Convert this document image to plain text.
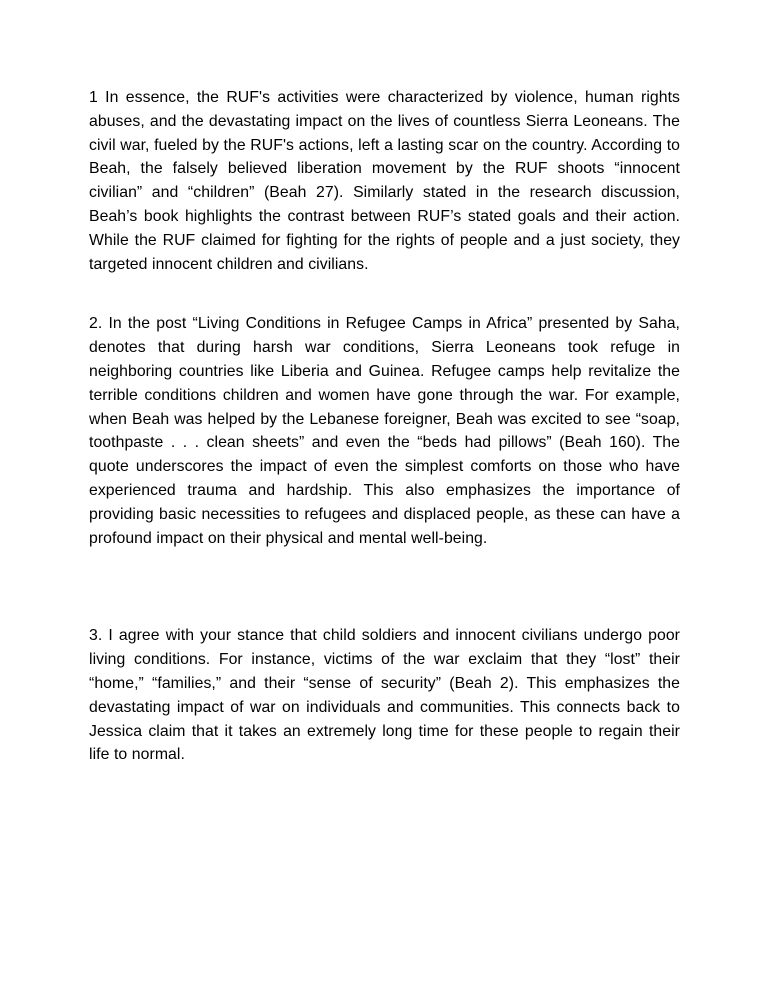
1 In essence, the RUF's activities were characterized by violence, human rights abuses, and the devastating impact on the lives of countless Sierra Leoneans. The civil war, fueled by the RUF's actions, left a lasting scar on the country. According to Beah, the falsely believed liberation movement by the RUF shoots “innocent civilian” and “children” (Beah 27). Similarly stated in the research discussion, Beah’s book highlights the contrast between RUF’s stated goals and their action. While the RUF claimed for fighting for the rights of people and a just society, they targeted innocent children and civilians.

2. In the post “Living Conditions in Refugee Camps in Africa” presented by Saha, denotes that during harsh war conditions, Sierra Leoneans took refuge in neighboring countries like Liberia and Guinea. Refugee camps help revitalize the terrible conditions children and women have gone through the war. For example, when Beah was helped by the Lebanese foreigner, Beah was excited to see “soap, toothpaste . . . clean sheets” and even the “beds had pillows” (Beah 160). The quote underscores the impact of even the simplest comforts on those who have experienced trauma and hardship. This also emphasizes the importance of providing basic necessities to refugees and displaced people, as these can have a profound impact on their physical and mental well-being.

3. I agree with your stance that child soldiers and innocent civilians undergo poor living conditions. For instance, victims of the war exclaim that they “lost” their “home,” “families,” and their “sense of security” (Beah 2). This emphasizes the devastating impact of war on individuals and communities. This connects back to Jessica claim that it takes an extremely long time for these people to regain their life to normal.
